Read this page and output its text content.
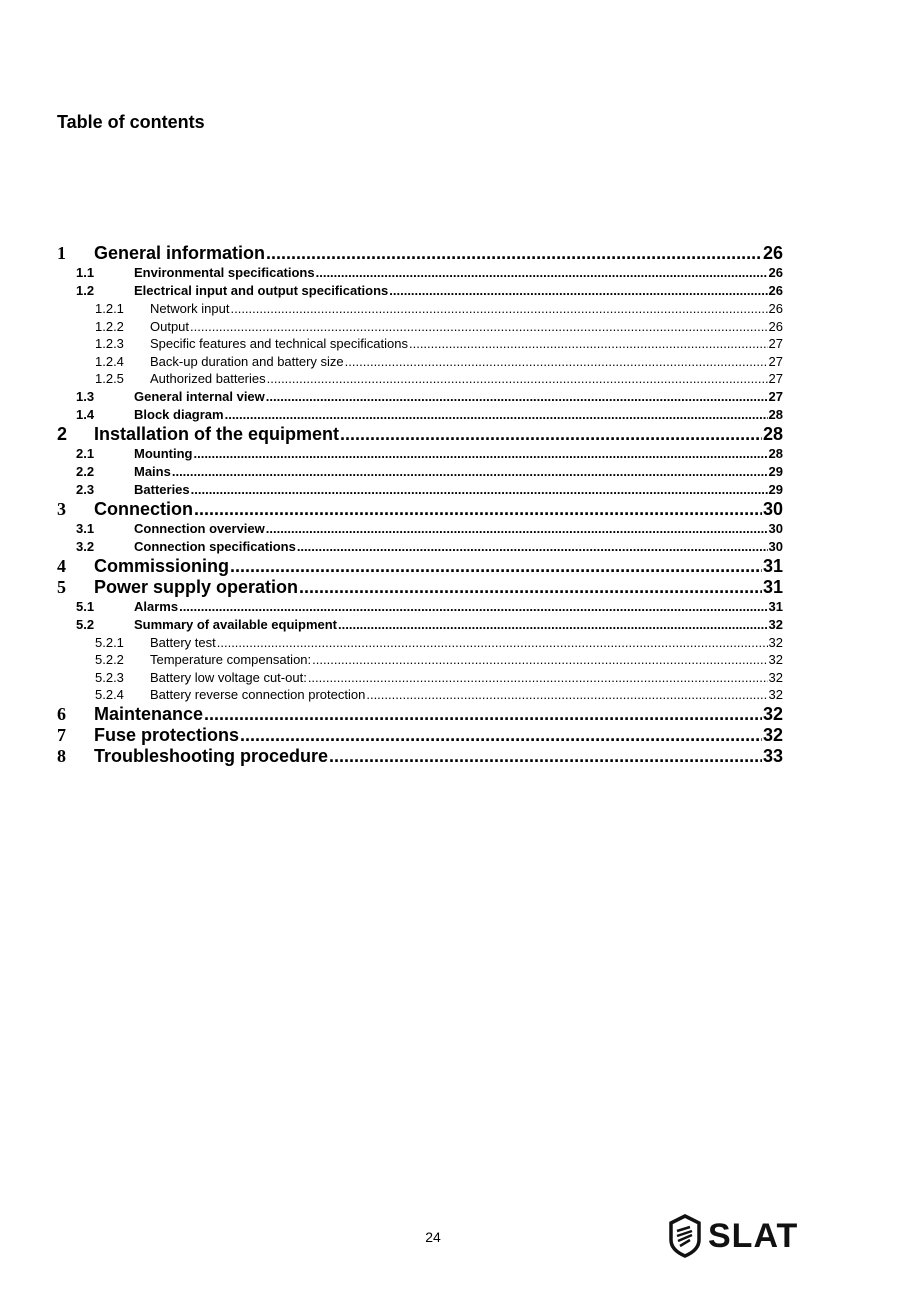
Table of contents
1 General information .....	26
1.1	Environmental specifications .....	26
1.2	Electrical input and output specifications .....	26
1.2.1 Network input .....	26
1.2.2 Output .....	26
1.2.3 Specific features and technical specifications .....	27
1.2.4 Back-up duration and battery size .....	27
1.2.5 Authorized batteries .....	27
1.3	General internal view .....	27
1.4	Block diagram .....	28
2 Installation of the equipment .....	28
2.1	Mounting .....	28
2.2	Mains .....	29
2.3	Batteries .....	29
3 Connection .....	30
3.1	Connection overview .....	30
3.2	Connection specifications .....	30
4 Commissioning .....	31
5 Power supply operation .....	31
5.1	Alarms .....	31
5.2	Summary of available equipment .....	32
5.2.1 Battery test .....	32
5.2.2 Temperature compensation: .....	32
5.2.3 Battery low voltage cut-out: .....	32
5.2.4 Battery reverse connection protection .....	32
6 Maintenance .....	32
7 Fuse protections .....	32
8 Troubleshooting procedure .....	33
24	SLAT
